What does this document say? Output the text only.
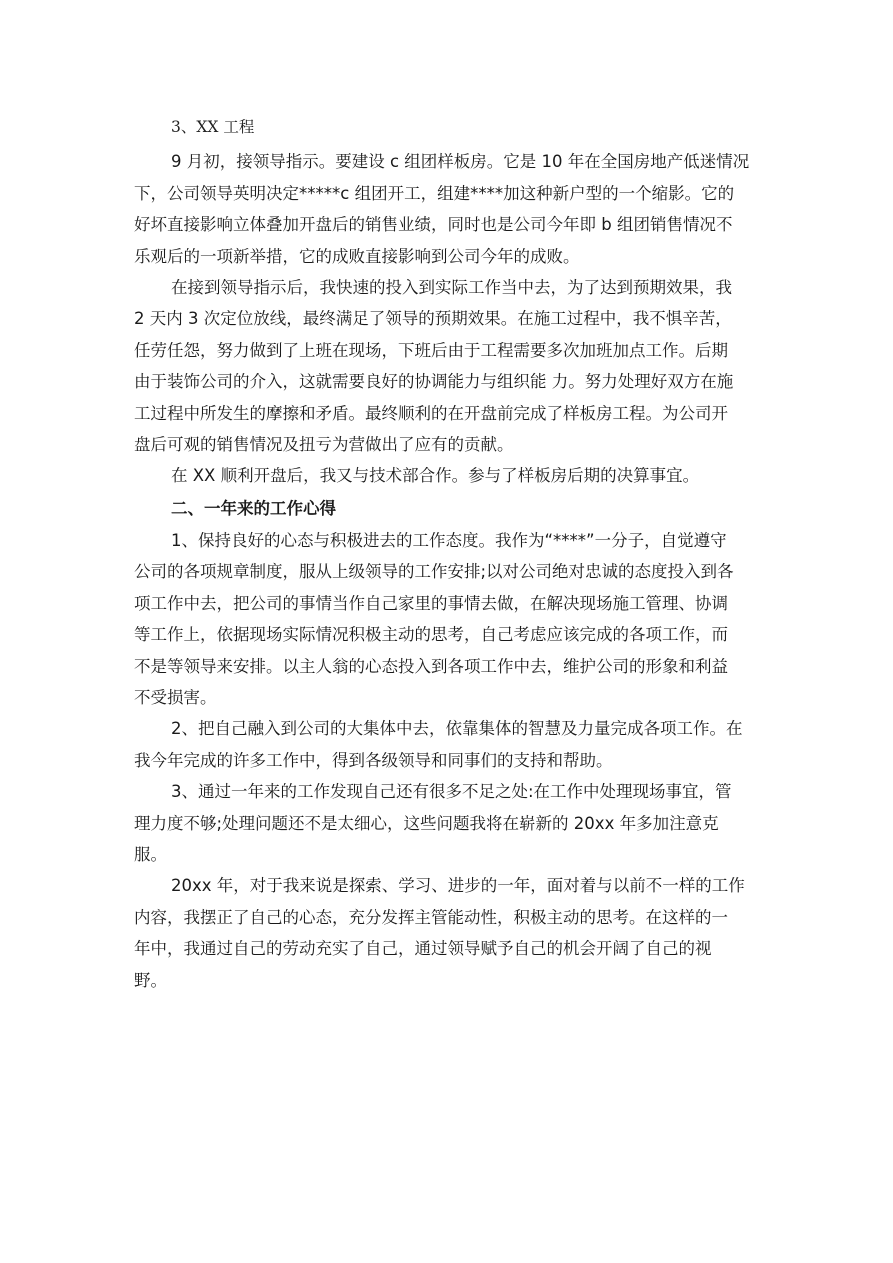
3、XX 工程
9 月初，接领导指示。要建设 c 组团样板房。它是 10 年在全国房地产低迷情况
下，公司领导英明决定*****c 组团开工，组建****加这种新户型的一个缩影。它的
好坏直接影响立体叠加开盘后的销售业绩，同时也是公司今年即 b 组团销售情况不
乐观后的一项新举措，它的成败直接影响到公司今年的成败。
在接到领导指示后，我快速的投入到实际工作当中去，为了达到预期效果，我
2 天内 3 次定位放线，最终满足了领导的预期效果。在施工过程中，我不惧辛苦，
任劳任怨，努力做到了上班在现场，下班后由于工程需要多次加班加点工作。后期
由于装饰公司的介入，这就需要良好的协调能力与组织能 力。努力处理好双方在施
工过程中所发生的摩擦和矛盾。最终顺利的在开盘前完成了样板房工程。为公司开
盘后可观的销售情况及扭亏为营做出了应有的贡献。
在 XX 顺利开盘后，我又与技术部合作。参与了样板房后期的决算事宜。
二、一年来的工作心得
1、保持良好的心态与积极进去的工作态度。我作为“****”一分子，自觉遵守
公司的各项规章制度，服从上级领导的工作安排;以对公司绝对忠诚的态度投入到各
项工作中去，把公司的事情当作自己家里的事情去做，在解决现场施工管理、协调
等工作上，依据现场实际情况积极主动的思考，自己考虑应该完成的各项工作，而
不是等领导来安排。以主人翁的心态投入到各项工作中去，维护公司的形象和利益
不受损害。
2、把自己融入到公司的大集体中去，依靠集体的智慧及力量完成各项工作。在
我今年完成的许多工作中，得到各级领导和同事们的支持和帮助。
3、通过一年来的工作发现自己还有很多不足之处:在工作中处理现场事宜，管
理力度不够;处理问题还不是太细心，这些问题我将在崭新的 20xx 年多加注意克
服。
20xx 年，对于我来说是探索、学习、进步的一年，面对着与以前不一样的工作
内容，我摆正了自己的心态，充分发挥主管能动性，积极主动的思考。在这样的一
年中，我通过自己的劳动充实了自己，通过领导赋予自己的机会开阔了自己的视
野。
